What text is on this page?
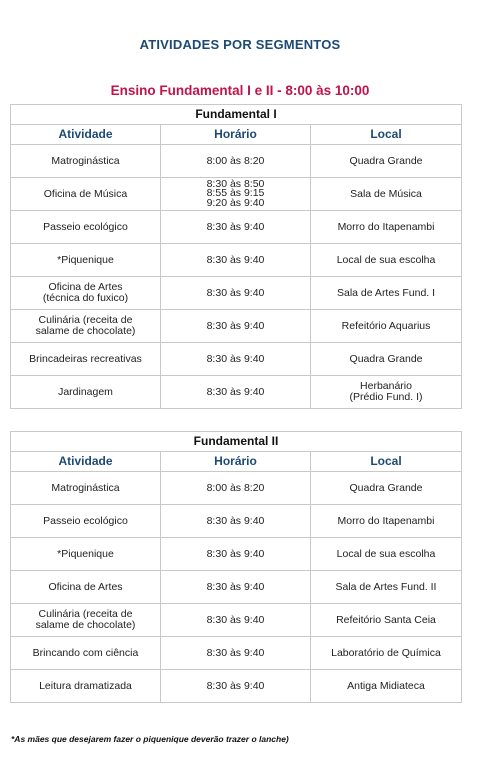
ATIVIDADES POR SEGMENTOS
Ensino Fundamental I e II - 8:00 às 10:00
Fundamental I		
Atividade	Horário	Local
Matroginástica	8:00 às 8:20	Quadra Grande
Oficina de Música	8:30 às 8:50
8:55 às 9:15
9:20 às 9:40	Sala de Música
Passeio ecológico	8:30 às 9:40	Morro do Itapenambi
*Piquenique	8:30 às 9:40	Local de sua escolha
Oficina de Artes
(técnica do fuxico)	8:30 às 9:40	Sala de Artes Fund. I
Culinária (receita de
salame de chocolate)	8:30 às 9:40	Refeitório Aquarius
Brincadeiras recreativas	8:30 às 9:40	Quadra Grande
Jardinagem	8:30 às 9:40	Herbanário
(Prédio Fund. I)
Fundamental II		
Atividade	Horário	Local
Matroginástica	8:00 às 8:20	Quadra Grande
Passeio ecológico	8:30 às 9:40	Morro do Itapenambi
*Piquenique	8:30 às 9:40	Local de sua escolha
Oficina de Artes	8:30 às 9:40	Sala de Artes Fund. II
Culinária (receita de
salame de chocolate)	8:30 às 9:40	Refeitório Santa Ceia
Brincando com ciência	8:30 às 9:40	Laboratório de Química
Leitura dramatizada	8:30 às 9:40	Antiga Midiateca
*As mães que desejarem fazer o piquenique deverão trazer o lanche)
